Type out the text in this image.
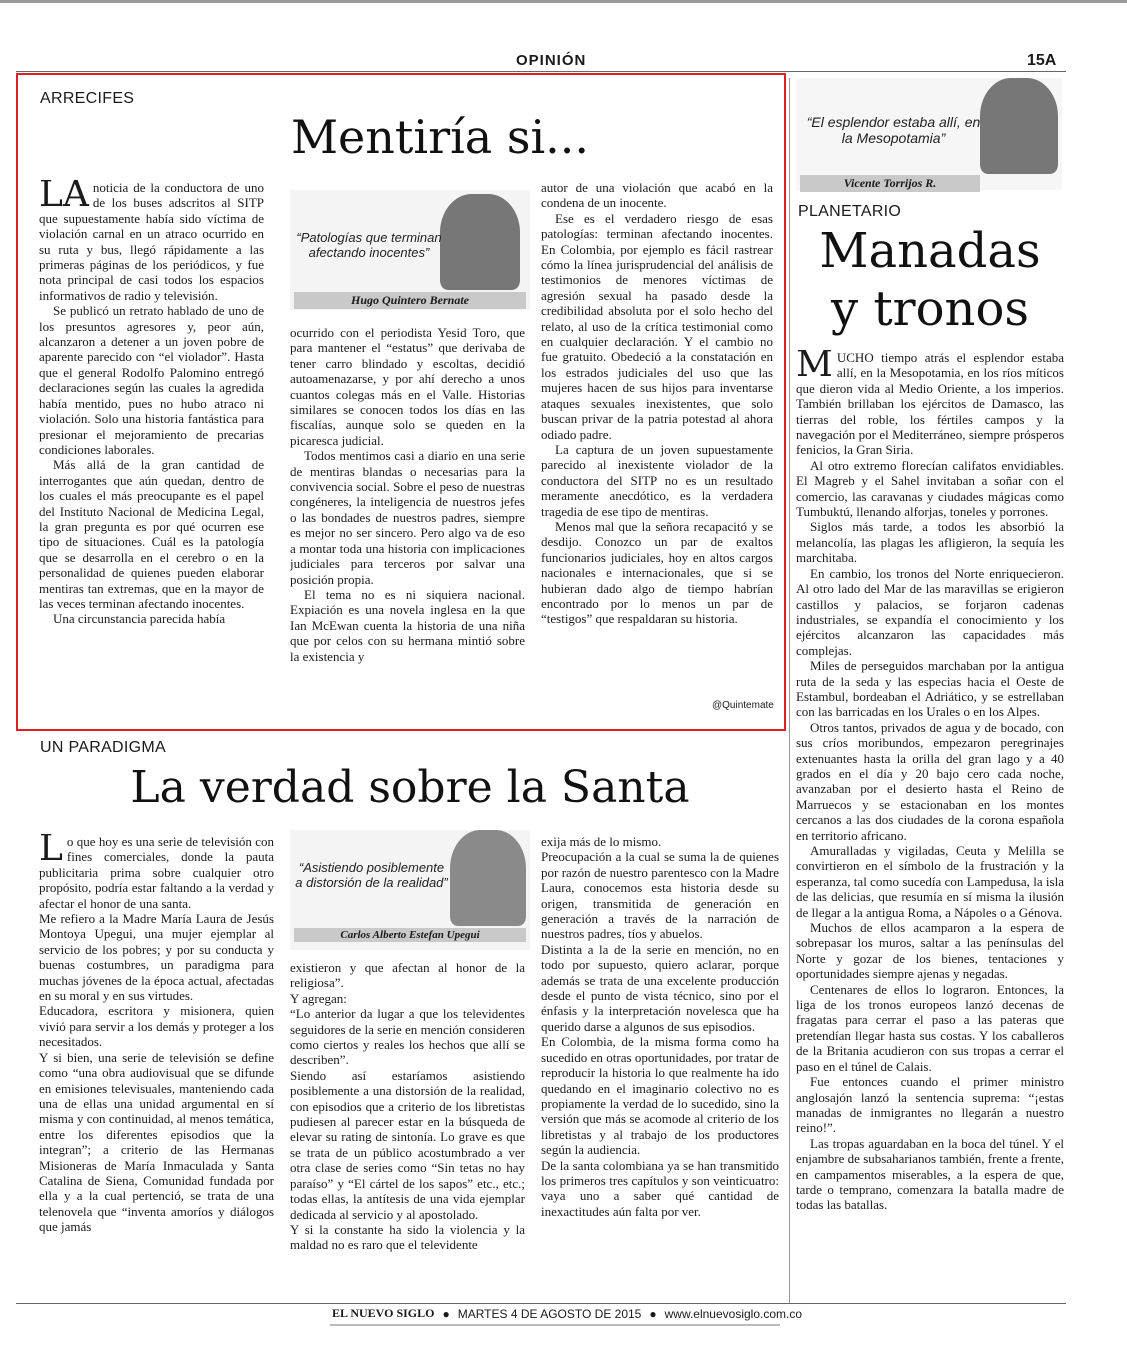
OPINIÓN	15A
ARRECIFES
Mentiría si...
LA noticia de la conductora de uno de los buses adscritos al SITP que supuestamente había sido víctima de violación carnal en un atraco ocurrido en su ruta y bus, llegó rápidamente a las primeras páginas de los periódicos, y fue nota principal de casi todos los espacios informativos de radio y televisión.

Se publicó un retrato hablado de uno de los presuntos agresores y, peor aún, alcanzaron a detener a un joven pobre de aparente parecido con “el violador”. Hasta que el general Rodolfo Palomino entregó declaraciones según las cuales la agredida había mentido, pues no hubo atraco ni violación. Solo una historia fantástica para presionar el mejoramiento de precarias condiciones laborales.

Más allá de la gran cantidad de interrogantes que aún quedan, dentro de los cuales el más preocupante es el papel del Instituto Nacional de Medicina Legal, la gran pregunta es por qué ocurren ese tipo de situaciones. Cuál es la patología que se desarrolla en el cerebro o en la personalidad de quienes pueden elaborar mentiras tan extremas, que en la mayor de las veces terminan afectando inocentes.

Una circunstancia parecida había

“Patologías que terminan afectando inocentes”
Hugo Quintero Bernate

ocurrido con el periodista Yesid Toro, que para mantener el “estatus” que derivaba de tener carro blindado y escoltas, decidió autoamenazarse, y por ahí derecho a unos cuantos colegas más en el Valle. Historias similares se conocen todos los días en las fiscalías, aunque solo se queden en la picaresca judicial.

Todos mentimos casi a diario en una serie de mentiras blandas o necesarias para la convivencia social. Sobre el peso de nuestras congéneres, la inteligencia de nuestros jefes o las bondades de nuestros padres, siempre es mejor no ser sincero. Pero algo va de eso a montar toda una historia con implicaciones judiciales para terceros por salvar una posición propia.

El tema no es ni siquiera nacional. Expiación es una novela inglesa en la que Ian McEwan cuenta la historia de una niña que por celos con su hermana mintió sobre la existencia y

autor de una violación que acabó en la condena de un inocente.

Ese es el verdadero riesgo de esas patologías: terminan afectando inocentes. En Colombia, por ejemplo es fácil rastrear cómo la línea jurisprudencial del análisis de testimonios de menores víctimas de agresión sexual ha pasado desde la credibilidad absoluta por el solo hecho del relato, al uso de la crítica testimonial como en cualquier declaración. Y el cambio no fue gratuito. Obedeció a la constatación en los estrados judiciales del uso que las mujeres hacen de sus hijos para inventarse ataques sexuales inexistentes, que solo buscan privar de la patria potestad al ahora odiado padre.

La captura de un joven supuestamente parecido al inexistente violador de la conductora del SITP no es un resultado meramente anecdótico, es la verdadera tragedia de ese tipo de mentiras.

Menos mal que la señora recapacitó y se desdijo. Conozco un par de exaltos funcionarios judiciales, hoy en altos cargos nacionales e internacionales, que si se hubieran dado algo de tiempo habrían encontrado por lo menos un par de “testigos” que respaldaran su historia.

@Quintemate
“El esplendor estaba allí, en la Mesopotamia”
Vicente Torrijos R.
PLANETARIO
Manadas
y tronos
M UCHO tiempo atrás el esplendor estaba allí, en la Mesopotamia, en los ríos míticos que dieron vida al Medio Oriente, a los imperios. También brillaban los ejércitos de Damasco, las tierras del roble, los fértiles campos y la navegación por el Mediterráneo, siempre prósperos fenicios, la Gran Siria.

Al otro extremo florecían califatos envidiables. El Magreb y el Sahel invitaban a soñar con el comercio, las caravanas y ciudades mágicas como Tumbuktú, llenando alforjas, toneles y porrones.

Siglos más tarde, a todos les absorbió la melancolía, las plagas les afligieron, la sequía les marchitaba.

En cambio, los tronos del Norte enriquecieron. Al otro lado del Mar de las maravillas se erigieron castillos y palacios, se forjaron cadenas industriales, se expandía el conocimiento y los ejércitos alcanzaron las capacidades más complejas.

Miles de perseguidos marchaban por la antigua ruta de la seda y las especias hacia el Oeste de Estambul, bordeaban el Adriático, y se estrellaban con las barricadas en los Urales o en los Alpes.

Otros tantos, privados de agua y de bocado, con sus críos moribundos, empezaron peregrinajes extenuantes hasta la orilla del gran lago y a 40 grados en el día y 20 bajo cero cada noche, avanzaban por el desierto hasta el Reino de Marruecos y se estacionaban en los montes cercanos a las dos ciudades de la corona española en territorio africano.

Amuralladas y vigiladas, Ceuta y Melilla se convirtieron en el símbolo de la frustración y la esperanza, tal como sucedía con Lampedusa, la isla de las delicias, que resumía en sí misma la ilusión de llegar a la antigua Roma, a Nápoles o a Génova.

Muchos de ellos acamparon a la espera de sobrepasar los muros, saltar a las penínsulas del Norte y gozar de los bienes, tentaciones y oportunidades siempre ajenas y negadas.

Centenares de ellos lo lograron. Entonces, la liga de los tronos europeos lanzó decenas de fragatas para cerrar el paso a las pateras que pretendían llegar hasta sus costas. Y los caballeros de la Britania acudieron con sus tropas a cerrar el paso en el túnel de Calais.

Fue entonces cuando el primer ministro anglosajón lanzó la sentencia suprema: “¡estas manadas de inmigrantes no llegarán a nuestro reino!”.

Las tropas aguardaban en la boca del túnel. Y el enjambre de subsaharianos también, frente a frente, en campamentos miserables, a la espera de que, tarde o temprano, comenzara la batalla madre de todas las batallas.

UN PARADIGMA
La verdad sobre la Santa
L o que hoy es una serie de televisión con fines comerciales, donde la pauta publicitaria prima sobre cualquier otro propósito, podría estar faltando a la verdad y afectar el honor de una santa.

Me refiero a la Madre María Laura de Jesús Montoya Upegui, una mujer ejemplar al servicio de los pobres; y por su conducta y buenas costumbres, un paradigma para muchas jóvenes de la época actual, afectadas en su moral y en sus virtudes.

Educadora, escritora y misionera, quien vivió para servir a los demás y proteger a los necesitados.

Y si bien, una serie de televisión se define como “una obra audiovisual que se difunde en emisiones televisuales, manteniendo cada una de ellas una unidad argumental en sí misma y con continuidad, al menos temática, entre los diferentes episodios que la integran”; a criterio de las Hermanas Misioneras de María Inmaculada y Santa Catalina de Siena, Comunidad fundada por ella y a la cual pertenció, se trata de una telenovela que “inventa amoríos y diálogos que jamás

“Asistiendo posiblemente a distorsión de la realidad”
Carlos Alberto Estefan Upegui

existieron y que afectan al honor de la religiosa”.

Y agregan:

“Lo anterior da lugar a que los televidentes seguidores de la serie en mención consideren como ciertos y reales los hechos que allí se describen”.

Siendo así estaríamos asistiendo posiblemente a una distorsión de la realidad, con episodios que a criterio de los libretistas pudiesen al parecer estar en la búsqueda de elevar su rating de sintonía. Lo grave es que se trata de un público acostumbrado a ver otra clase de series como “Sin tetas no hay paraíso” y “El cártel de los sapos” etc., etc.; todas ellas, la antítesis de una vida ejemplar dedicada al servicio y al apostolado.

Y si la constante ha sido la violencia y la maldad no es raro que el televidente

exija más de lo mismo.

Preocupación a la cual se suma la de quienes por razón de nuestro parentesco con la Madre Laura, conocemos esta historia desde su origen, transmitida de generación en generación a través de la narración de nuestros padres, tíos y abuelos.

Distinta a la de la serie en mención, no en todo por supuesto, quiero aclarar, porque además se trata de una excelente producción desde el punto de vista técnico, sino por el énfasis y la interpretación novelesca que ha querido darse a algunos de sus episodios.

En Colombia, de la misma forma como ha sucedido en otras oportunidades, por tratar de reproducir la historia lo que realmente ha ido quedando en el imaginario colectivo no es propiamente la verdad de lo sucedido, sino la versión que más se acomode al criterio de los libretistas y al trabajo de los productores según la audiencia.

De la santa colombiana ya se han transmitido los primeros tres capítulos y son veinticuatro: vaya uno a saber qué cantidad de inexactitudes aún falta por ver.

EL NUEVO SIGLO ● MARTES 4 DE AGOSTO DE 2015 ● www.elnuevosiglo.com.co
